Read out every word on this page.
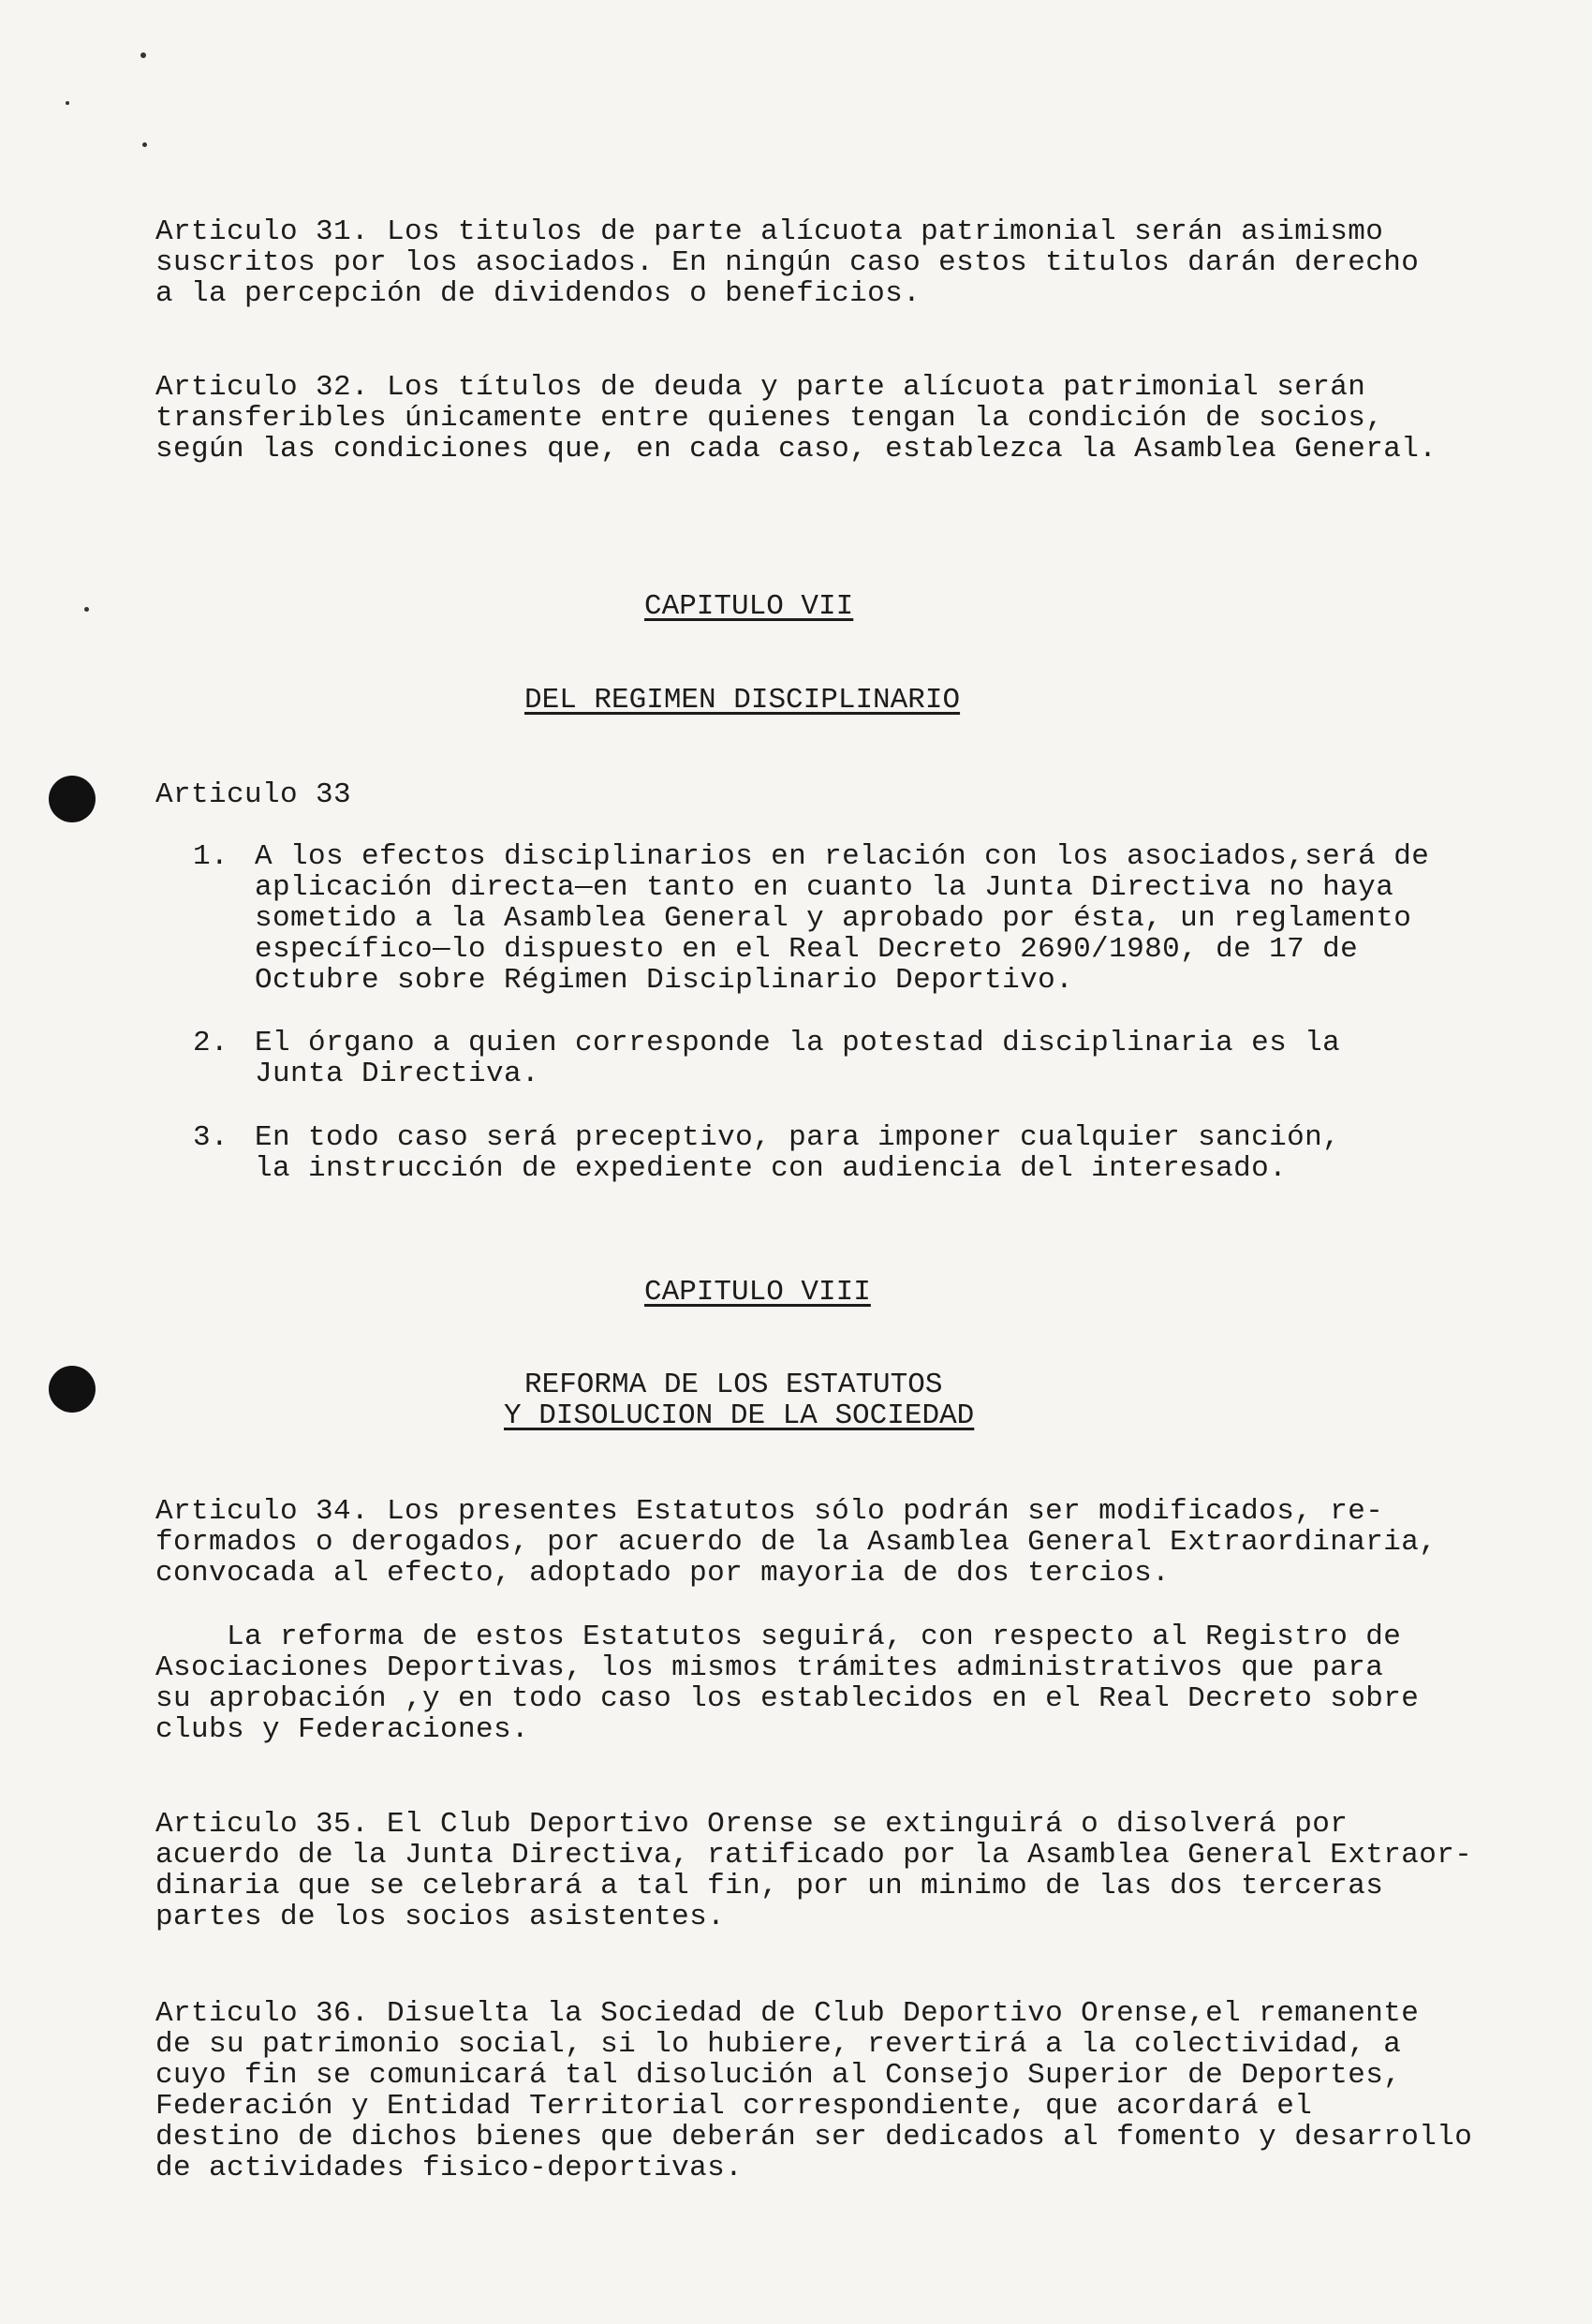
Articulo 31. Los titulos de parte alícuota patrimonial serán asimismo
suscritos por los asociados. En ningún caso estos titulos darán derecho
a la percepción de dividendos o beneficios.
Articulo 32. Los títulos de deuda y parte alícuota patrimonial serán
transferibles únicamente entre quienes tengan la condición de socios,
según las condiciones que, en cada caso, establezca la Asamblea General.
CAPITULO VII
DEL REGIMEN DISCIPLINARIO
Articulo 33
1. A los efectos disciplinarios en relación con los asociados,será de
aplicación directa—en tanto en cuanto la Junta Directiva no haya
sometido a la Asamblea General y aprobado por ésta, un reglamento
específico—lo dispuesto en el Real Decreto 2690/1980, de 17 de
Octubre sobre Régimen Disciplinario Deportivo.
2. El órgano a quien corresponde la potestad disciplinaria es la
Junta Directiva.
3. En todo caso será preceptivo, para imponer cualquier sanción,
la instrucción de expediente con audiencia del interesado.
CAPITULO VIII
REFORMA DE LOS ESTATUTOS
Y DISOLUCION DE LA SOCIEDAD
Articulo 34. Los presentes Estatutos sólo podrán ser modificados, re-
formados o derogados, por acuerdo de la Asamblea General Extraordinaria,
convocada al efecto, adoptado por mayoria de dos tercios.
La reforma de estos Estatutos seguirá, con respecto al Registro de
Asociaciones Deportivas, los mismos trámites administrativos que para
su aprobación ,y en todo caso los establecidos en el Real Decreto sobre
clubs y Federaciones.
Articulo 35. El Club Deportivo Orense se extinguirá o disolverá por
acuerdo de la Junta Directiva, ratificado por la Asamblea General Extraor-
dinaria que se celebrará a tal fin, por un minimo de las dos terceras
partes de los socios asistentes.
Articulo 36. Disuelta la Sociedad de Club Deportivo Orense,el remanente
de su patrimonio social, si lo hubiere, revertirá a la colectividad, a
cuyo fin se comunicará tal disolución al Consejo Superior de Deportes,
Federación y Entidad Territorial correspondiente, que acordará el
destino de dichos bienes que deberán ser dedicados al fomento y desarrollo
de actividades fisico-deportivas.
